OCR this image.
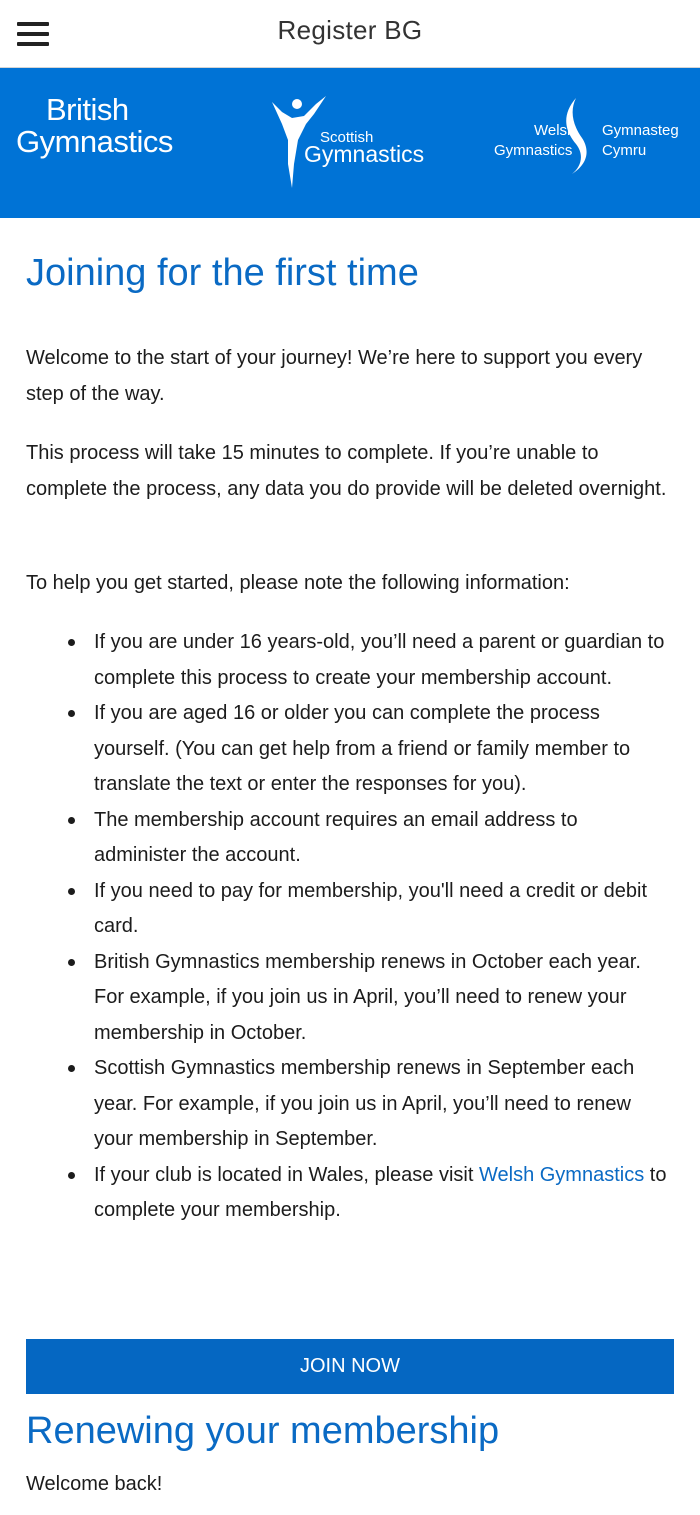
Register BG
British
Gymnastics	Scottish
Gymnastics
Welsh
Gymnastics
Gymnasteg
Cymru
Joining for the first time

Welcome to the start of your journey! We’re here to support you every step of the way.

This process will take 15 minutes to complete. If you’re unable to complete the process, any data you do provide will be deleted overnight.

To help you get started, please note the following information:

If you are under 16 years-old, you’ll need a parent or guardian to complete this process to create your membership account.
If you are aged 16 or older you can complete the process yourself. (You can get help from a friend or family member to translate the text or enter the responses for you).
The membership account requires an email address to administer the account.
If you need to pay for membership, you'll need a credit or debit card.
British Gymnastics membership renews in October each year. For example, if you join us in April, you’ll need to renew your membership in October.
Scottish Gymnastics membership renews in September each year. For example, if you join us in April, you’ll need to renew your membership in September.
If your club is located in Wales, please visit Welsh Gymnastics to complete your membership.
JOIN NOW
Renewing your membership

Welcome back!
